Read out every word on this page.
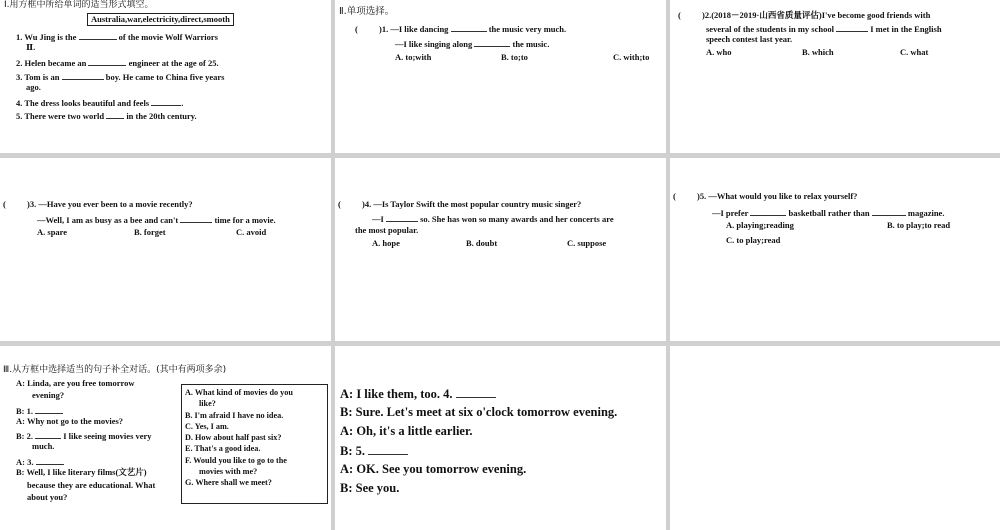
Ⅰ.用方框中所给单词的适当形式填空。
Australia,war,electricity,direct,smooth
1. Wu Jing is the	of the movie Wolf Warriors
Ⅱ.
2. Helen became an	engineer at the age of 25.
3. Tom is an	boy. He came to China five years
ago.
4. The dress looks beautiful and feels	.
5. There were two world	in the 20th century.
Ⅱ.单项选择。
( )1. —I like dancing	the music very much.
—I like singing along	the music.
A. to;with	B. to;to	C. with;to
( )2.(2018－2019·山西省质量评估)I've become good friends with
several of the students in my school	I met in the English
speech contest last year.
A. who	B. which	C. what
( )3. —Have you ever been to a movie recently?
—Well, I am as busy as a bee and can't	time for a movie.
A. spare	B. forget	C. avoid
( )4. —Is Taylor Swift the most popular country music singer?
—I	so. She has won so many awards and her concerts are
the most popular.
A. hope	B. doubt	C. suppose
( )5. —What would you like to relax yourself?
—I prefer	basketball rather than	magazine.
A. playing;reading	B. to play;to read
C. to play;read
Ⅲ.从方框中选择适当的句子补全对话。(其中有两项多余)
A: Linda, are you free tomorrow
evening?
B: 1.
A: Why not go to the movies?
B: 2.	I like seeing movies very
much.
A: 3.
B: Well, I like literary films(文艺片)
because they are educational. What
about you?
A. What kind of movies do you
like?
B. I'm afraid I have no idea.
C. Yes, I am.
D. How about half past six?
E. That's a good idea.
F. Would you like to go to the
movies with me?
G. Where shall we meet?
A: I like them, too. 4.
B: Sure. Let's meet at six o'clock tomorrow evening.
A: Oh, it's a little earlier.
B: 5.
A: OK. See you tomorrow evening.
B: See you.
